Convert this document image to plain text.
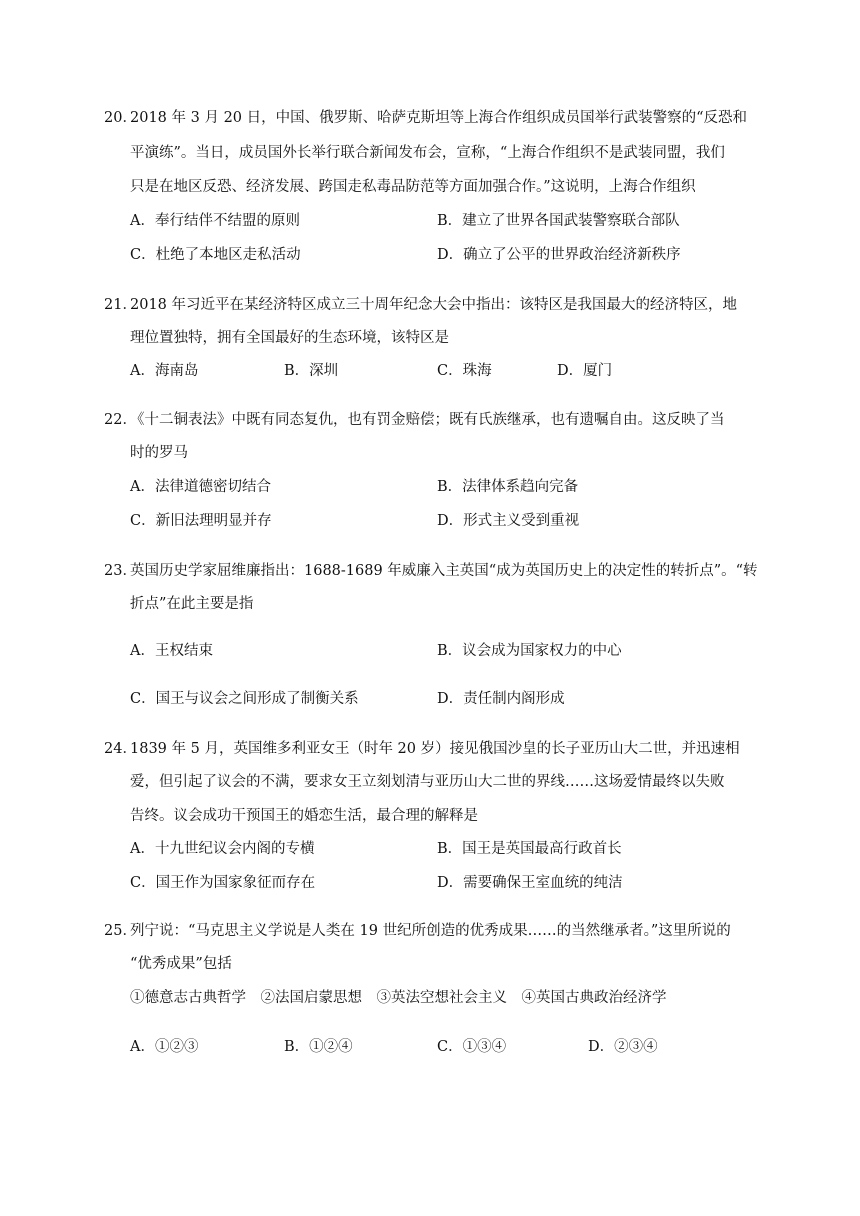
20．
2018 年 3 月 20 日，中国、俄罗斯、哈萨克斯坦等上海合作组织成员国举行武装警察的“反恐和
平演练”。当日，成员国外长举行联合新闻发布会，宣称，“上海合作组织不是武装同盟，我们
只是在地区反恐、经济发展、跨国走私毒品防范等方面加强合作。”这说明，上海合作组织
A．奉行结伴不结盟的原则	B．建立了世界各国武装警察联合部队
C．杜绝了本地区走私活动	D．确立了公平的世界政治经济新秩序
21．
2018 年习近平在某经济特区成立三十周年纪念大会中指出：该特区是我国最大的经济特区，地
理位置独特，拥有全国最好的生态环境，该特区是
A．海南岛	B．深圳	C．珠海	D．厦门
22．
《十二铜表法》中既有同态复仇，也有罚金赔偿；既有氏族继承，也有遗嘱自由。这反映了当
时的罗马
A．法律道德密切结合	B．法律体系趋向完备
C．新旧法理明显并存	D．形式主义受到重视
23．
英国历史学家屈维廉指出：1688-1689 年威廉入主英国“成为英国历史上的决定性的转折点”。“转
折点”在此主要是指
A．王权结束	B．议会成为国家权力的中心
C．国王与议会之间形成了制衡关系	D．责任制内阁形成
24．
1839 年 5 月，英国维多利亚女王（时年 20 岁）接见俄国沙皇的长子亚历山大二世，并迅速相
爱，但引起了议会的不满，要求女王立刻划清与亚历山大二世的界线……这场爱情最终以失败
告终。议会成功干预国王的婚恋生活，最合理的解释是
A．十九世纪议会内阁的专横	B．国王是英国最高行政首长
C．国王作为国家象征而存在	D．需要确保王室血统的纯洁
25．
列宁说：“马克思主义学说是人类在 19 世纪所创造的优秀成果……的当然继承者。”这里所说的
“优秀成果”包括
①德意志古典哲学　②法国启蒙思想　③英法空想社会主义　④英国古典政治经济学
A．①②③	B．①②④	C．①③④	D．②③④
